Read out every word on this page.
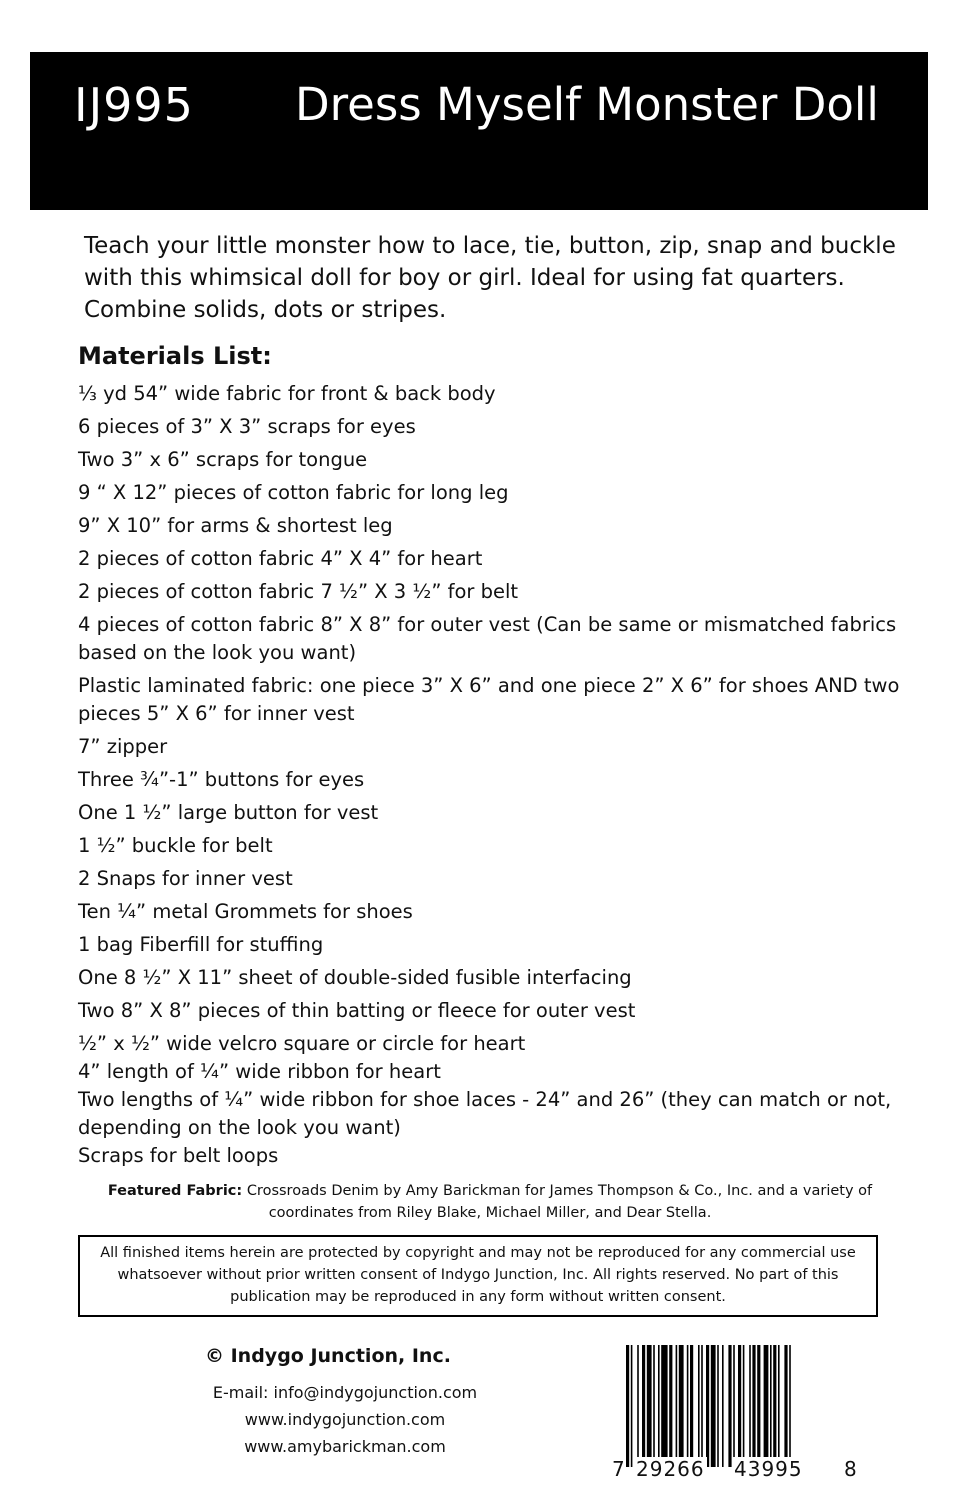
IJ995 Dress Myself Monster Doll
Teach your little monster how to lace, tie, button, zip, snap and buckle with this whimsical doll for boy or girl. Ideal for using fat quarters. Combine solids, dots or stripes.
Materials List:
⅓ yd 54” wide fabric for front & back body
6 pieces of 3” X 3” scraps for eyes
Two 3” x 6” scraps for tongue
9 “ X 12” pieces of cotton fabric for long leg
9” X 10” for arms & shortest leg
2 pieces of cotton fabric 4” X 4” for heart
2 pieces of cotton fabric 7 ½” X 3 ½” for belt
4 pieces of cotton fabric 8” X 8” for outer vest (Can be same or mismatched fabrics based on the look you want)
Plastic laminated fabric: one piece 3” X 6” and one piece 2” X 6” for shoes AND two pieces 5” X 6” for inner vest
7” zipper
Three ¾”-1” buttons for eyes
One 1 ½” large button for vest
1 ½” buckle for belt
2 Snaps for inner vest
Ten ¼” metal Grommets for shoes
1 bag Fiberfill for stuffing
One 8 ½” X 11” sheet of double-sided fusible interfacing
Two 8” X 8” pieces of thin batting or fleece for outer vest
½” x ½” wide velcro square or circle for heart
4” length of ¼” wide ribbon for heart
Two lengths of ¼” wide ribbon for shoe laces - 24” and 26” (they can match or not, depending on the look you want)
Scraps for belt loops
Featured Fabric: Crossroads Denim by Amy Barickman for James Thompson & Co., Inc. and a variety of coordinates from Riley Blake, Michael Miller, and Dear Stella.
All finished items herein are protected by copyright and may not be reproduced for any commercial use whatsoever without prior written consent of Indygo Junction, Inc. All rights reserved. No part of this publication may be reproduced in any form without written consent.
© Indygo Junction, Inc.
E-mail: info@indygojunction.com
www.indygojunction.com
www.amybarickman.com
7 29266 43995 8
